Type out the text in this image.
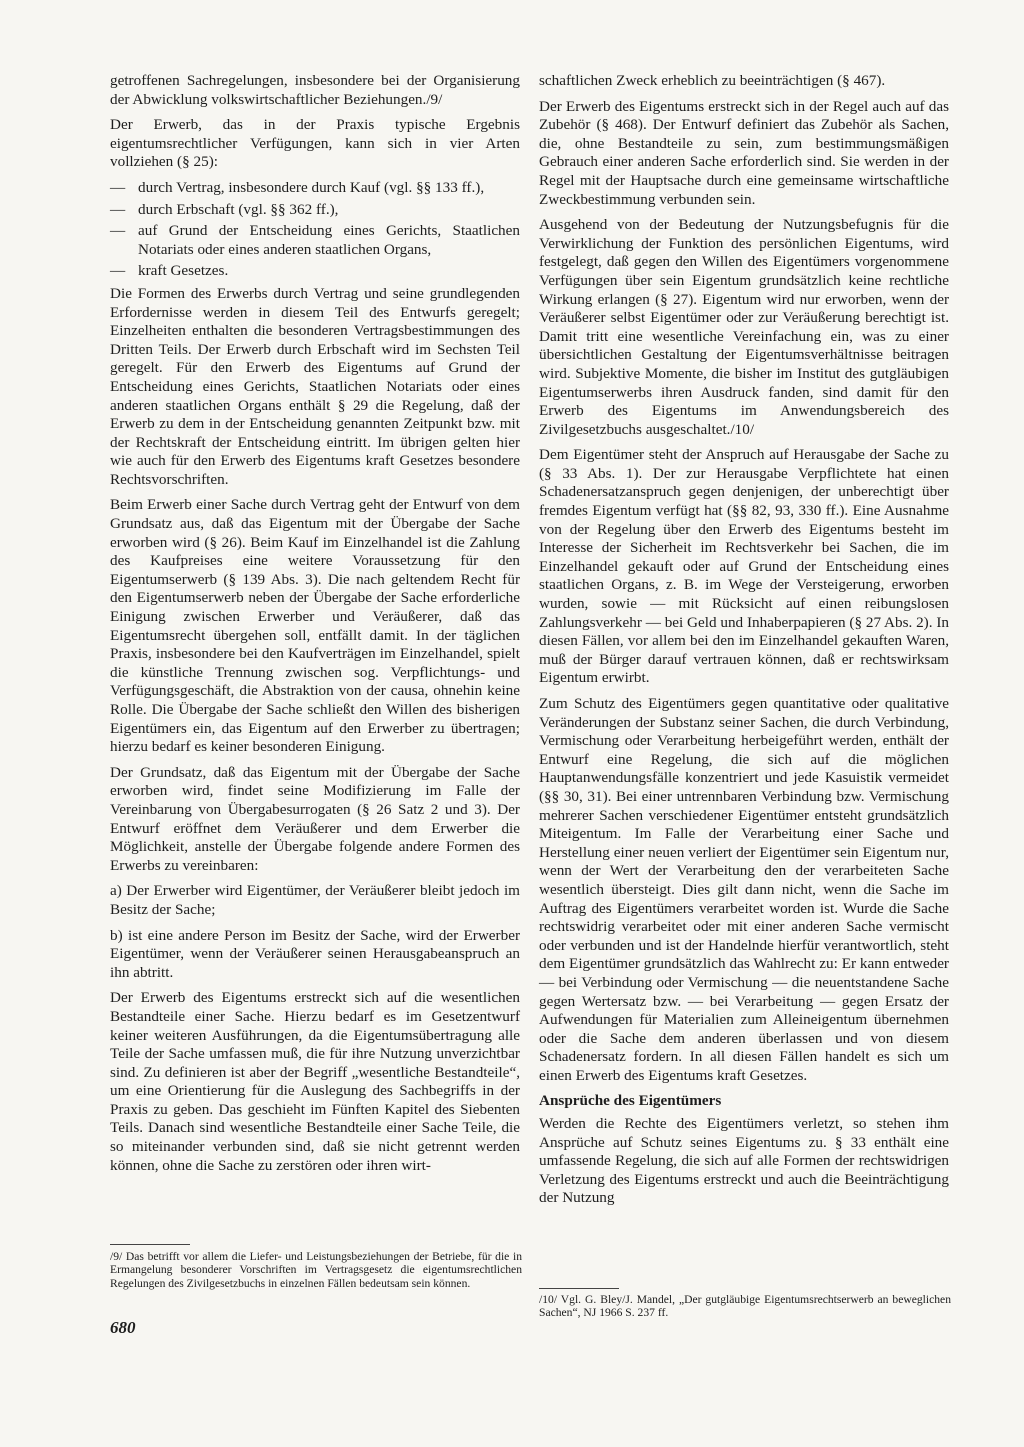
getroffenen Sachregelungen, insbesondere bei der Organisierung der Abwicklung volkswirtschaftlicher Beziehungen./9/

Der Erwerb, das in der Praxis typische Ergebnis eigentumsrechtlicher Verfügungen, kann sich in vier Arten vollziehen (§ 25):

— durch Vertrag, insbesondere durch Kauf (vgl. §§ 133 ff.),
— durch Erbschaft (vgl. §§ 362 ff.),
— auf Grund der Entscheidung eines Gerichts, Staatlichen Notariats oder eines anderen staatlichen Organs,
— kraft Gesetzes.

Die Formen des Erwerbs durch Vertrag und seine grundlegenden Erfordernisse werden in diesem Teil des Entwurfs geregelt; Einzelheiten enthalten die besonderen Vertragsbestimmungen des Dritten Teils. Der Erwerb durch Erbschaft wird im Sechsten Teil geregelt. Für den Erwerb des Eigentums auf Grund der Entscheidung eines Gerichts, Staatlichen Notariats oder eines anderen staatlichen Organs enthält § 29 die Regelung, daß der Erwerb zu dem in der Entscheidung genannten Zeitpunkt bzw. mit der Rechtskraft der Entscheidung eintritt. Im übrigen gelten hier wie auch für den Erwerb des Eigentums kraft Gesetzes besondere Rechtsvorschriften.

Beim Erwerb einer Sache durch Vertrag geht der Entwurf von dem Grundsatz aus, daß das Eigentum mit der Übergabe der Sache erworben wird (§ 26). Beim Kauf im Einzelhandel ist die Zahlung des Kaufpreises eine weitere Voraussetzung für den Eigentumserwerb (§ 139 Abs. 3). Die nach geltendem Recht für den Eigentumserwerb neben der Übergabe der Sache erforderliche Einigung zwischen Erwerber und Veräußerer, daß das Eigentumsrecht übergehen soll, entfällt damit. In der täglichen Praxis, insbesondere bei den Kaufverträgen im Einzelhandel, spielt die künstliche Trennung zwischen sog. Verpflichtungs- und Verfügungsgeschäft, die Abstraktion von der causa, ohnehin keine Rolle. Die Übergabe der Sache schließt den Willen des bisherigen Eigentümers ein, das Eigentum auf den Erwerber zu übertragen; hierzu bedarf es keiner besonderen Einigung.

Der Grundsatz, daß das Eigentum mit der Übergabe der Sache erworben wird, findet seine Modifizierung im Falle der Vereinbarung von Übergabesurrogaten (§ 26 Satz 2 und 3). Der Entwurf eröffnet dem Veräußerer und dem Erwerber die Möglichkeit, anstelle der Übergabe folgende andere Formen des Erwerbs zu vereinbaren:

a) Der Erwerber wird Eigentümer, der Veräußerer bleibt jedoch im Besitz der Sache;

b) ist eine andere Person im Besitz der Sache, wird der Erwerber Eigentümer, wenn der Veräußerer seinen Herausgabeanspruch an ihn abtritt.

Der Erwerb des Eigentums erstreckt sich auf die wesentlichen Bestandteile einer Sache. Hierzu bedarf es im Gesetzentwurf keiner weiteren Ausführungen, da die Eigentumsübertragung alle Teile der Sache umfassen muß, die für ihre Nutzung unverzichtbar sind. Zu definieren ist aber der Begriff „wesentliche Bestandteile“, um eine Orientierung für die Auslegung des Sachbegriffs in der Praxis zu geben. Das geschieht im Fünften Kapitel des Siebenten Teils. Danach sind wesentliche Bestandteile einer Sache Teile, die so miteinander verbunden sind, daß sie nicht getrennt werden können, ohne die Sache zu zerstören oder ihren wirt-

/9/ Das betrifft vor allem die Liefer- und Leistungsbeziehungen der Betriebe, für die in Ermangelung besonderer Vorschriften im Vertragsgesetz die eigentumsrechtlichen Regelungen des Zivilgesetzbuchs in einzelnen Fällen bedeutsam sein können.

schaftlichen Zweck erheblich zu beeinträchtigen (§ 467).

Der Erwerb des Eigentums erstreckt sich in der Regel auch auf das Zubehör (§ 468). Der Entwurf definiert das Zubehör als Sachen, die, ohne Bestandteile zu sein, zum bestimmungsmäßigen Gebrauch einer anderen Sache erforderlich sind. Sie werden in der Regel mit der Hauptsache durch eine gemeinsame wirtschaftliche Zweckbestimmung verbunden sein.

Ausgehend von der Bedeutung der Nutzungsbefugnis für die Verwirklichung der Funktion des persönlichen Eigentums, wird festgelegt, daß gegen den Willen des Eigentümers vorgenommene Verfügungen über sein Eigentum grundsätzlich keine rechtliche Wirkung erlangen (§ 27). Eigentum wird nur erworben, wenn der Veräußerer selbst Eigentümer oder zur Veräußerung berechtigt ist. Damit tritt eine wesentliche Vereinfachung ein, was zu einer übersichtlichen Gestaltung der Eigentumsverhältnisse beitragen wird. Subjektive Momente, die bisher im Institut des gutgläubigen Eigentumserwerbs ihren Ausdruck fanden, sind damit für den Erwerb des Eigentums im Anwendungsbereich des Zivilgesetzbuchs ausgeschaltet./10/

Dem Eigentümer steht der Anspruch auf Herausgabe der Sache zu (§ 33 Abs. 1). Der zur Herausgabe Verpflichtete hat einen Schadenersatzanspruch gegen denjenigen, der unberechtigt über fremdes Eigentum verfügt hat (§§ 82, 93, 330 ff.). Eine Ausnahme von der Regelung über den Erwerb des Eigentums besteht im Interesse der Sicherheit im Rechtsverkehr bei Sachen, die im Einzelhandel gekauft oder auf Grund der Entscheidung eines staatlichen Organs, z. B. im Wege der Versteigerung, erworben wurden, sowie — mit Rücksicht auf einen reibungslosen Zahlungsverkehr — bei Geld und Inhaberpapieren (§ 27 Abs. 2). In diesen Fällen, vor allem bei den im Einzelhandel gekauften Waren, muß der Bürger darauf vertrauen können, daß er rechtswirksam Eigentum erwirbt.

Zum Schutz des Eigentümers gegen quantitative oder qualitative Veränderungen der Substanz seiner Sachen, die durch Verbindung, Vermischung oder Verarbeitung herbeigeführt werden, enthält der Entwurf eine Regelung, die sich auf die möglichen Hauptanwendungsfälle konzentriert und jede Kasuistik vermeidet (§§ 30, 31). Bei einer untrennbaren Verbindung bzw. Vermischung mehrerer Sachen verschiedener Eigentümer entsteht grundsätzlich Miteigentum. Im Falle der Verarbeitung einer Sache und Herstellung einer neuen verliert der Eigentümer sein Eigentum nur, wenn der Wert der Verarbeitung den der verarbeiteten Sache wesentlich übersteigt. Dies gilt dann nicht, wenn die Sache im Auftrag des Eigentümers verarbeitet worden ist. Wurde die Sache rechtswidrig verarbeitet oder mit einer anderen Sache vermischt oder verbunden und ist der Handelnde hierfür verantwortlich, steht dem Eigentümer grundsätzlich das Wahlrecht zu: Er kann entweder — bei Verbindung oder Vermischung — die neuentstandene Sache gegen Wertersatz bzw. — bei Verarbeitung — gegen Ersatz der Aufwendungen für Materialien zum Alleineigentum übernehmen oder die Sache dem anderen überlassen und von diesem Schadenersatz fordern. In all diesen Fällen handelt es sich um einen Erwerb des Eigentums kraft Gesetzes.

Ansprüche des Eigentümers

Werden die Rechte des Eigentümers verletzt, so stehen ihm Ansprüche auf Schutz seines Eigentums zu. § 33 enthält eine umfassende Regelung, die sich auf alle Formen der rechtswidrigen Verletzung des Eigentums erstreckt und auch die Beeinträchtigung der Nutzung

/10/ Vgl. G. Bley/J. Mandel, „Der gutgläubige Eigentumsrechtserwerb an beweglichen Sachen“, NJ 1966 S. 237 ff.
680
